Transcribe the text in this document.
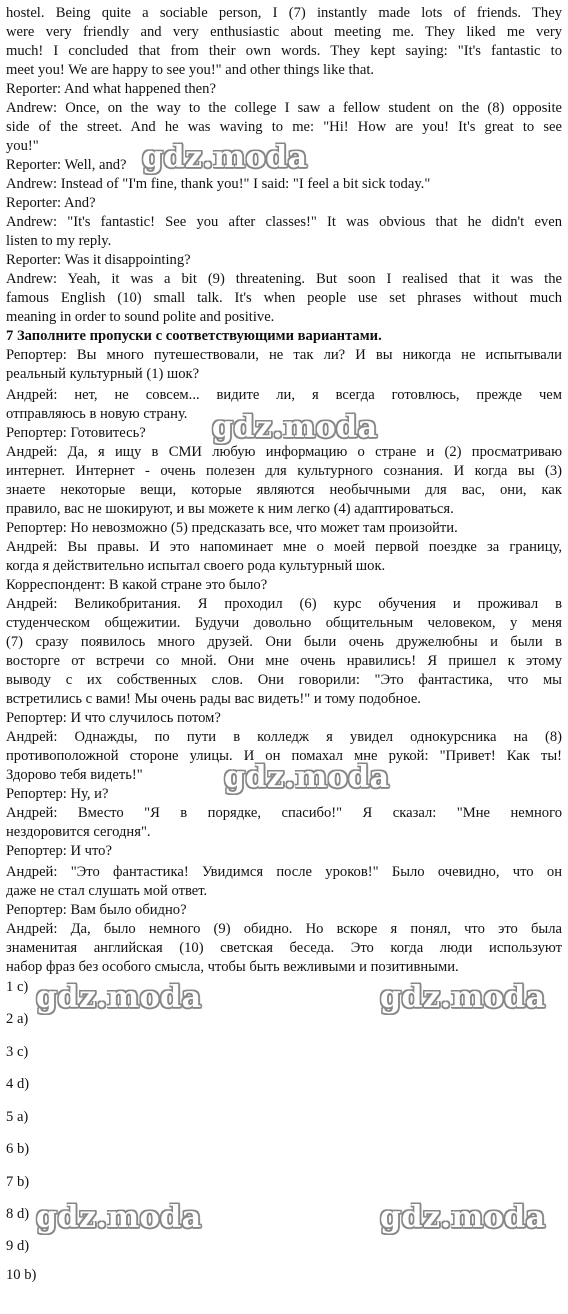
hostel. Being quite a sociable person, I (7) instantly made lots of friends. They
were very friendly and very enthusiastic about meeting me. They liked me very
much! I concluded that from their own words. They kept saying: "It's fantastic to
meet you! We are happy to see you!" and other things like that.
Reporter: And what happened then?
Andrew: Once, on the way to the college I saw a fellow student on the (8) opposite
side of the street. And he was waving to me: "Hi! How are you! It's great to see
you!"
Reporter: Well, and?
Andrew: Instead of "I'm fine, thank you!" I said: "I feel a bit sick today."
Reporter: And?
Andrew: "It's fantastic! See you after classes!" It was obvious that he didn't even
listen to my reply.
Reporter: Was it disappointing?
Andrew: Yeah, it was a bit (9) threatening. But soon I realised that it was the
famous English (10) small talk. It's when people use set phrases without much
meaning in order to sound polite and positive.
7 Заполните пропуски с соответствующими вариантами.
Репортер: Вы много путешествовали, не так ли? И вы никогда не испытывали
реальный культурный (1) шок?
Андрей: нет, не совсем... видите ли, я всегда готовлюсь, прежде чем
отправляюсь в новую страну.
Репортер: Готовитесь?
Андрей: Да, я ищу в СМИ любую информацию о стране и (2) просматриваю
интернет. Интернет - очень полезен для культурного сознания. И когда вы (3)
знаете некоторые вещи, которые являются необычными для вас, они, как
правило, вас не шокируют, и вы можете к ним легко (4) адаптироваться.
Репортер: Но невозможно (5) предсказать все, что может там произойти.
Андрей: Вы правы. И это напоминает мне о моей первой поездке за границу,
когда я действительно испытал своего рода культурный шок.
Корреспондент: В какой стране это было?
Андрей: Великобритания. Я проходил (6) курс обучения и проживал в
студенческом общежитии. Будучи довольно общительным человеком, у меня
(7) сразу появилось много друзей. Они были очень дружелюбны и были в
восторге от встречи со мной. Они мне очень нравились! Я пришел к этому
выводу с их собственных слов. Они говорили: "Это фантастика, что мы
встретились с вами! Мы очень рады вас видеть!" и тому подобное.
Репортер: И что случилось потом?
Андрей: Однажды, по пути в колледж я увидел однокурсника на (8)
противоположной стороне улицы. И он помахал мне рукой: "Привет! Как ты!
Здорово тебя видеть!"
Репортер: Ну, и?
Андрей: Вместо "Я в порядке, спасибо!" Я сказал: "Мне немного
нездоровится сегодня".
Репортер: И что?
Андрей: "Это фантастика! Увидимся после уроков!" Было очевидно, что он
даже не стал слушать мой ответ.
Репортер: Вам было обидно?
Андрей: Да, было немного (9) обидно. Но вскоре я понял, что это была
знаменитая английская (10) светская беседа. Это когда люди используют
набор фраз без особого смысла, чтобы быть вежливыми и позитивными.
1 c)
2 a)
3 c)
4 d)
5 a)
6 b)
7 b)
8 d)
9 d)
10 b)
gdz.moda
gdz.moda
gdz.moda
gdz.moda	gdz.moda
gdz.moda	gdz.moda
